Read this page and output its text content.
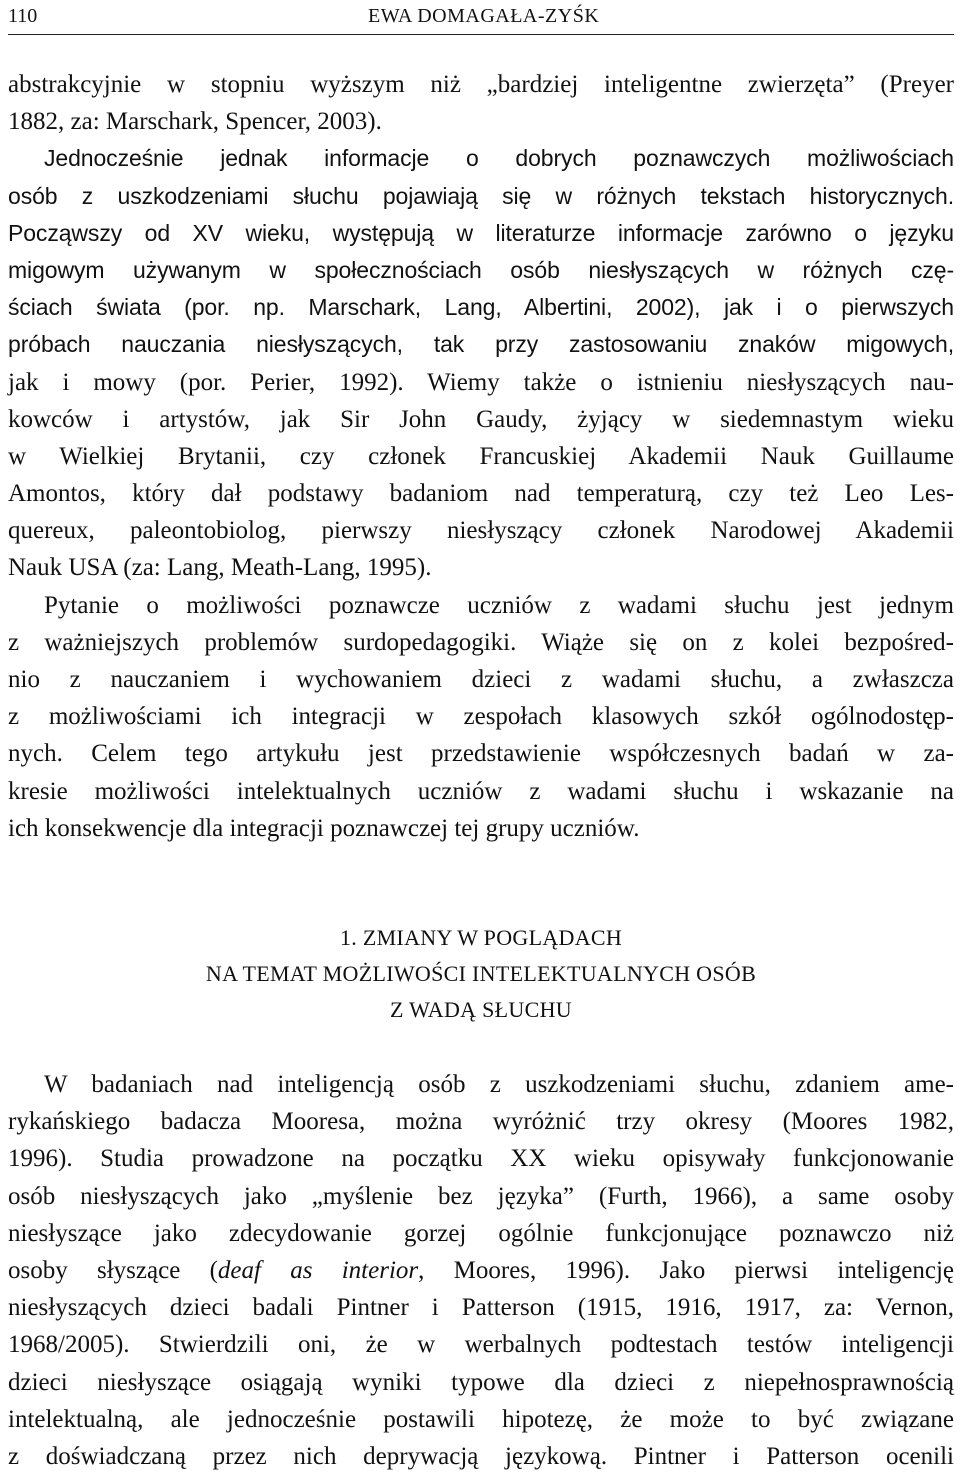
110	EWA DOMAGAŁA-ZYŚK
abstrakcyjnie w stopniu wyższym niż „bardziej inteligentne zwierzęta” (Preyer
1882, za: Marschark, Spencer, 2003).
Jednocześnie jednak informacje o dobrych poznawczych możliwościach
osób z uszkodzeniami słuchu pojawiają się w różnych tekstach historycznych.
Począwszy od XV wieku, występują w literaturze informacje zarówno o języku
migowym używanym w społecznościach osób niesłyszących w różnych czę-
ściach świata (por. np. Marschark, Lang, Albertini, 2002), jak i o pierwszych
próbach nauczania niesłyszących, tak przy zastosowaniu znaków migowych,
jak i mowy (por. Perier, 1992). Wiemy także o istnieniu niesłyszących nau-
kowców i artystów, jak Sir John Gaudy, żyjący w siedemnastym wieku
w Wielkiej Brytanii, czy członek Francuskiej Akademii Nauk Guillaume
Amontos, który dał podstawy badaniom nad temperaturą, czy też Leo Les-
quereux, paleontobiolog, pierwszy niesłyszący członek Narodowej Akademii
Nauk USA (za: Lang, Meath-Lang, 1995).
Pytanie o możliwości poznawcze uczniów z wadami słuchu jest jednym
z ważniejszych problemów surdopedagogiki. Wiąże się on z kolei bezpośred-
nio z nauczaniem i wychowaniem dzieci z wadami słuchu, a zwłaszcza
z możliwościami ich integracji w zespołach klasowych szkół ogólnodostęp-
nych. Celem tego artykułu jest przedstawienie współczesnych badań w za-
kresie możliwości intelektualnych uczniów z wadami słuchu i wskazanie na
ich konsekwencje dla integracji poznawczej tej grupy uczniów.
1. ZMIANY W POGLĄDACH
NA TEMAT MOŻLIWOŚCI INTELEKTUALNYCH OSÓB
Z WADĄ SŁUCHU
W badaniach nad inteligencją osób z uszkodzeniami słuchu, zdaniem ame-
rykańskiego badacza Mooresa, można wyróżnić trzy okresy (Moores 1982,
1996). Studia prowadzone na początku XX wieku opisywały funkcjonowanie
osób niesłyszących jako „myślenie bez języka” (Furth, 1966), a same osoby
niesłyszące jako zdecydowanie gorzej ogólnie funkcjonujące poznawczo niż
osoby słyszące (deaf as interior, Moores, 1996). Jako pierwsi inteligencję
niesłyszących dzieci badali Pintner i Patterson (1915, 1916, 1917, za: Vernon,
1968/2005). Stwierdzili oni, że w werbalnych podtestach testów inteligencji
dzieci niesłyszące osiągają wyniki typowe dla dzieci z niepełnosprawnością
intelektualną, ale jednocześnie postawili hipotezę, że może to być związane
z doświadczaną przez nich deprywacją językową. Pintner i Patterson ocenili
